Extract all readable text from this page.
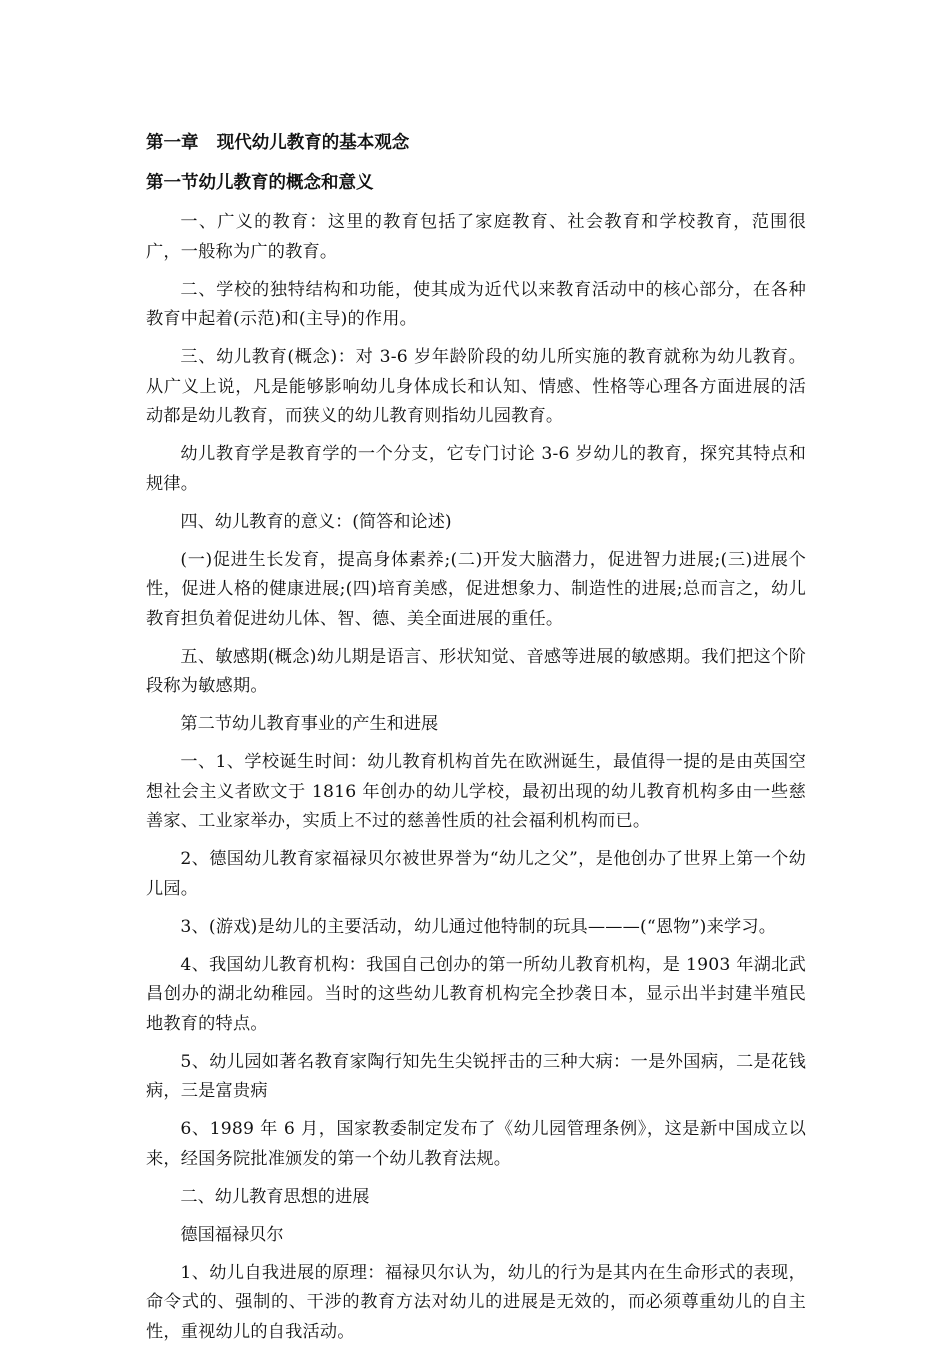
第一章   现代幼儿教育的基本观念
第一节幼儿教育的概念和意义

一、广义的教育：这里的教育包括了家庭教育、社会教育和学校教育，范围很广，一般称为广的教育。

二、学校的独特结构和功能，使其成为近代以来教育活动中的核心部分，在各种教育中起着(示范)和(主导)的作用。

三、幼儿教育(概念)：对 3-6 岁年龄阶段的幼儿所实施的教育就称为幼儿教育。从广义上说，凡是能够影响幼儿身体成长和认知、情感、性格等心理各方面进展的活动都是幼儿教育，而狭义的幼儿教育则指幼儿园教育。

幼儿教育学是教育学的一个分支，它专门讨论 3-6 岁幼儿的教育，探究其特点和规律。

四、幼儿教育的意义：(简答和论述)

(一)促进生长发育，提高身体素养;(二)开发大脑潜力，促进智力进展;(三)进展个性，促进人格的健康进展;(四)培育美感，促进想象力、制造性的进展;总而言之，幼儿教育担负着促进幼儿体、智、德、美全面进展的重任。

五、敏感期(概念)幼儿期是语言、形状知觉、音感等进展的敏感期。我们把这个阶段称为敏感期。

第二节幼儿教育事业的产生和进展

一、1、学校诞生时间：幼儿教育机构首先在欧洲诞生，最值得一提的是由英国空想社会主义者欧文于 1816 年创办的幼儿学校，最初出现的幼儿教育机构多由一些慈善家、工业家举办，实质上不过的慈善性质的社会福利机构而已。

2、德国幼儿教育家福禄贝尔被世界誉为“幼儿之父”，是他创办了世界上第一个幼儿园。

3、(游戏)是幼儿的主要活动，幼儿通过他特制的玩具———(“恩物”)来学习。

4、我国幼儿教育机构：我国自己创办的第一所幼儿教育机构，是 1903 年湖北武昌创办的湖北幼稚园。当时的这些幼儿教育机构完全抄袭日本，显示出半封建半殖民地教育的特点。

5、幼儿园如著名教育家陶行知先生尖锐抨击的三种大病：一是外国病，二是花钱病，三是富贵病

6、1989 年 6 月，国家教委制定发布了《幼儿园管理条例》，这是新中国成立以来，经国务院批准颁发的第一个幼儿教育法规。

二、幼儿教育思想的进展

德国福禄贝尔

1、幼儿自我进展的原理：福禄贝尔认为，幼儿的行为是其内在生命形式的表现，命令式的、强制的、干涉的教育方法对幼儿的进展是无效的，而必须尊重幼儿的自主性，重视幼儿的自我活动。
